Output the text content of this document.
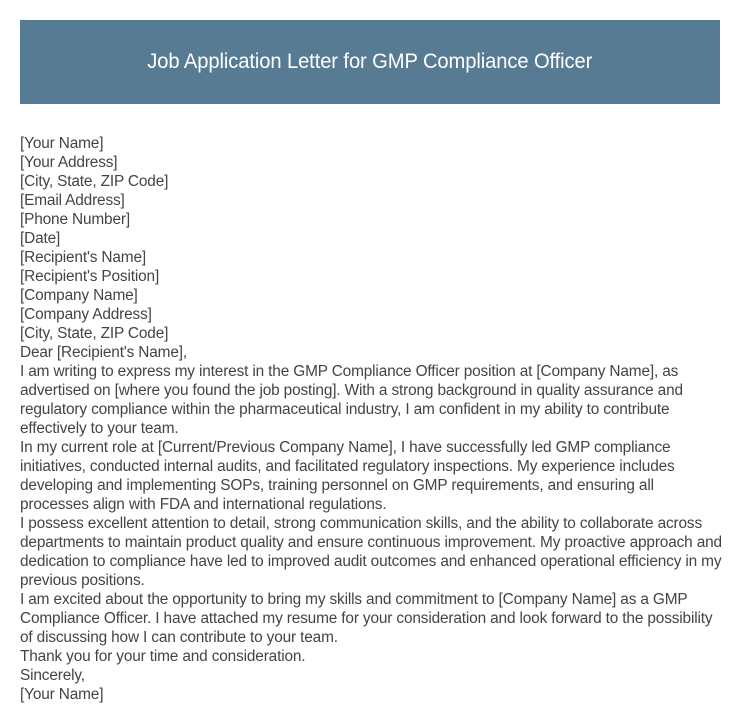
Job Application Letter for GMP Compliance Officer
[Your Name]
[Your Address]
[City, State, ZIP Code]
[Email Address]
[Phone Number]
[Date]
[Recipient's Name]
[Recipient's Position]
[Company Name]
[Company Address]
[City, State, ZIP Code]
Dear [Recipient's Name],
I am writing to express my interest in the GMP Compliance Officer position at [Company Name], as advertised on [where you found the job posting]. With a strong background in quality assurance and regulatory compliance within the pharmaceutical industry, I am confident in my ability to contribute effectively to your team.
In my current role at [Current/Previous Company Name], I have successfully led GMP compliance initiatives, conducted internal audits, and facilitated regulatory inspections. My experience includes developing and implementing SOPs, training personnel on GMP requirements, and ensuring all processes align with FDA and international regulations.
I possess excellent attention to detail, strong communication skills, and the ability to collaborate across departments to maintain product quality and ensure continuous improvement. My proactive approach and dedication to compliance have led to improved audit outcomes and enhanced operational efficiency in my previous positions.
I am excited about the opportunity to bring my skills and commitment to [Company Name] as a GMP Compliance Officer. I have attached my resume for your consideration and look forward to the possibility of discussing how I can contribute to your team.
Thank you for your time and consideration.
Sincerely,
[Your Name]
